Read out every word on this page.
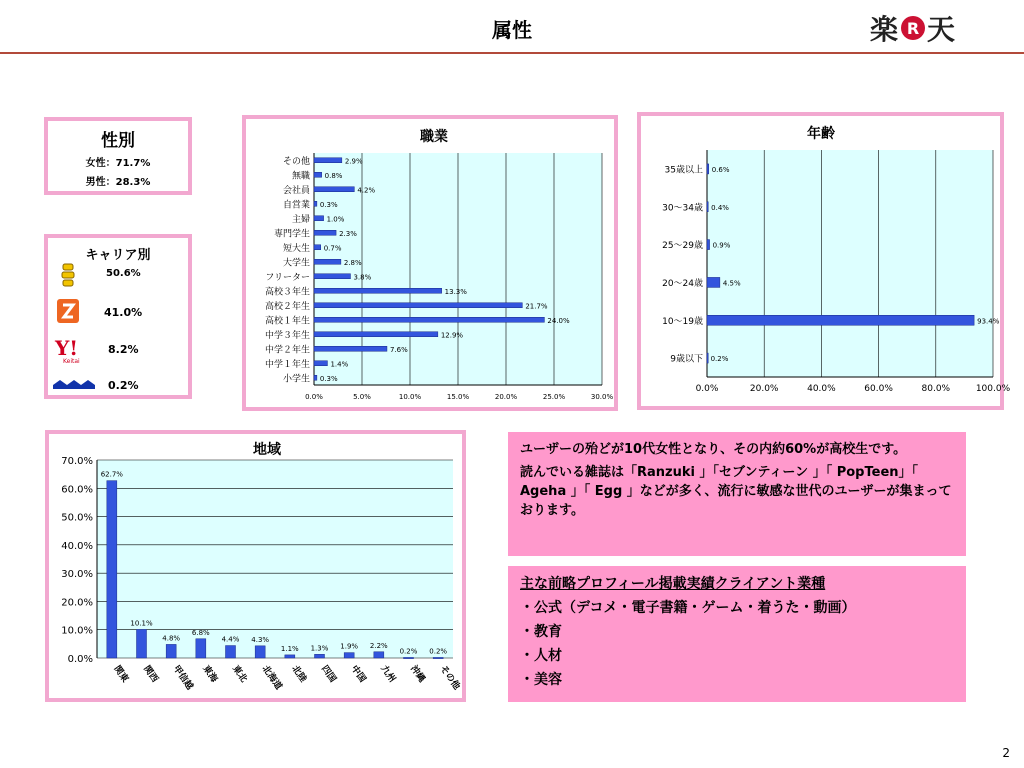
属性	楽 R 天
性別
女性：71.7%
男性：28.3%
キャリア別
50.6%
41.0%
Y!
Keitai
8.2%
0.2%
職業
0.0%	5.0%	10.0%	15.0%	20.0%	25.0%	30.0%
その他	2.9%
無職 0.8%
会社員	4.2%
自営業 0.3%
主婦 1.0%
専門学生	2.3%
短大生 0.7%
大学生	2.8%
フリーター	3.8%
高校３年生	13.3%
高校２年生	21.7%
高校１年生	24.0%
中学３年生	12.9%
中学２年生	7.6%
中学１年生	1.4%
小学生 0.3%
年齢
0.0%	20.0%	40.0%	60.0%	80.0%	100.0%
35歳以上 0.6%
30〜34歳 0.4%
25〜29歳 0.9%
20〜24歳	4.5%
10〜19歳	93.4%
9歳以下 0.2%
地域
0.0%
10.0%
20.0%
30.0%
40.0%
50.0%
60.0%
70.0%
62.7%
関東
10.1%
関西
4.8%
甲信越
6.8%
東海
4.4%
東北
4.3%
北海道
1.1%
北陸
1.3%
四国
1.9%
中国
2.2%
九州
0.2%
沖縄
0.2%
その他

ユーザーの殆どが10代女性となり、その内約60%が高校生です。

読んでいる雑誌は「Ranzuki 」「セブンティーン 」「 PopTeen」「 Ageha 」「 Egg 」などが多く、流行に敏感な世代のユーザーが集まっております。

主な前略プロフィール掲載実績クライアント業種
・公式（デコメ・電子書籍・ゲーム・着うた・動画）
・教育
・人材
・美容
2
